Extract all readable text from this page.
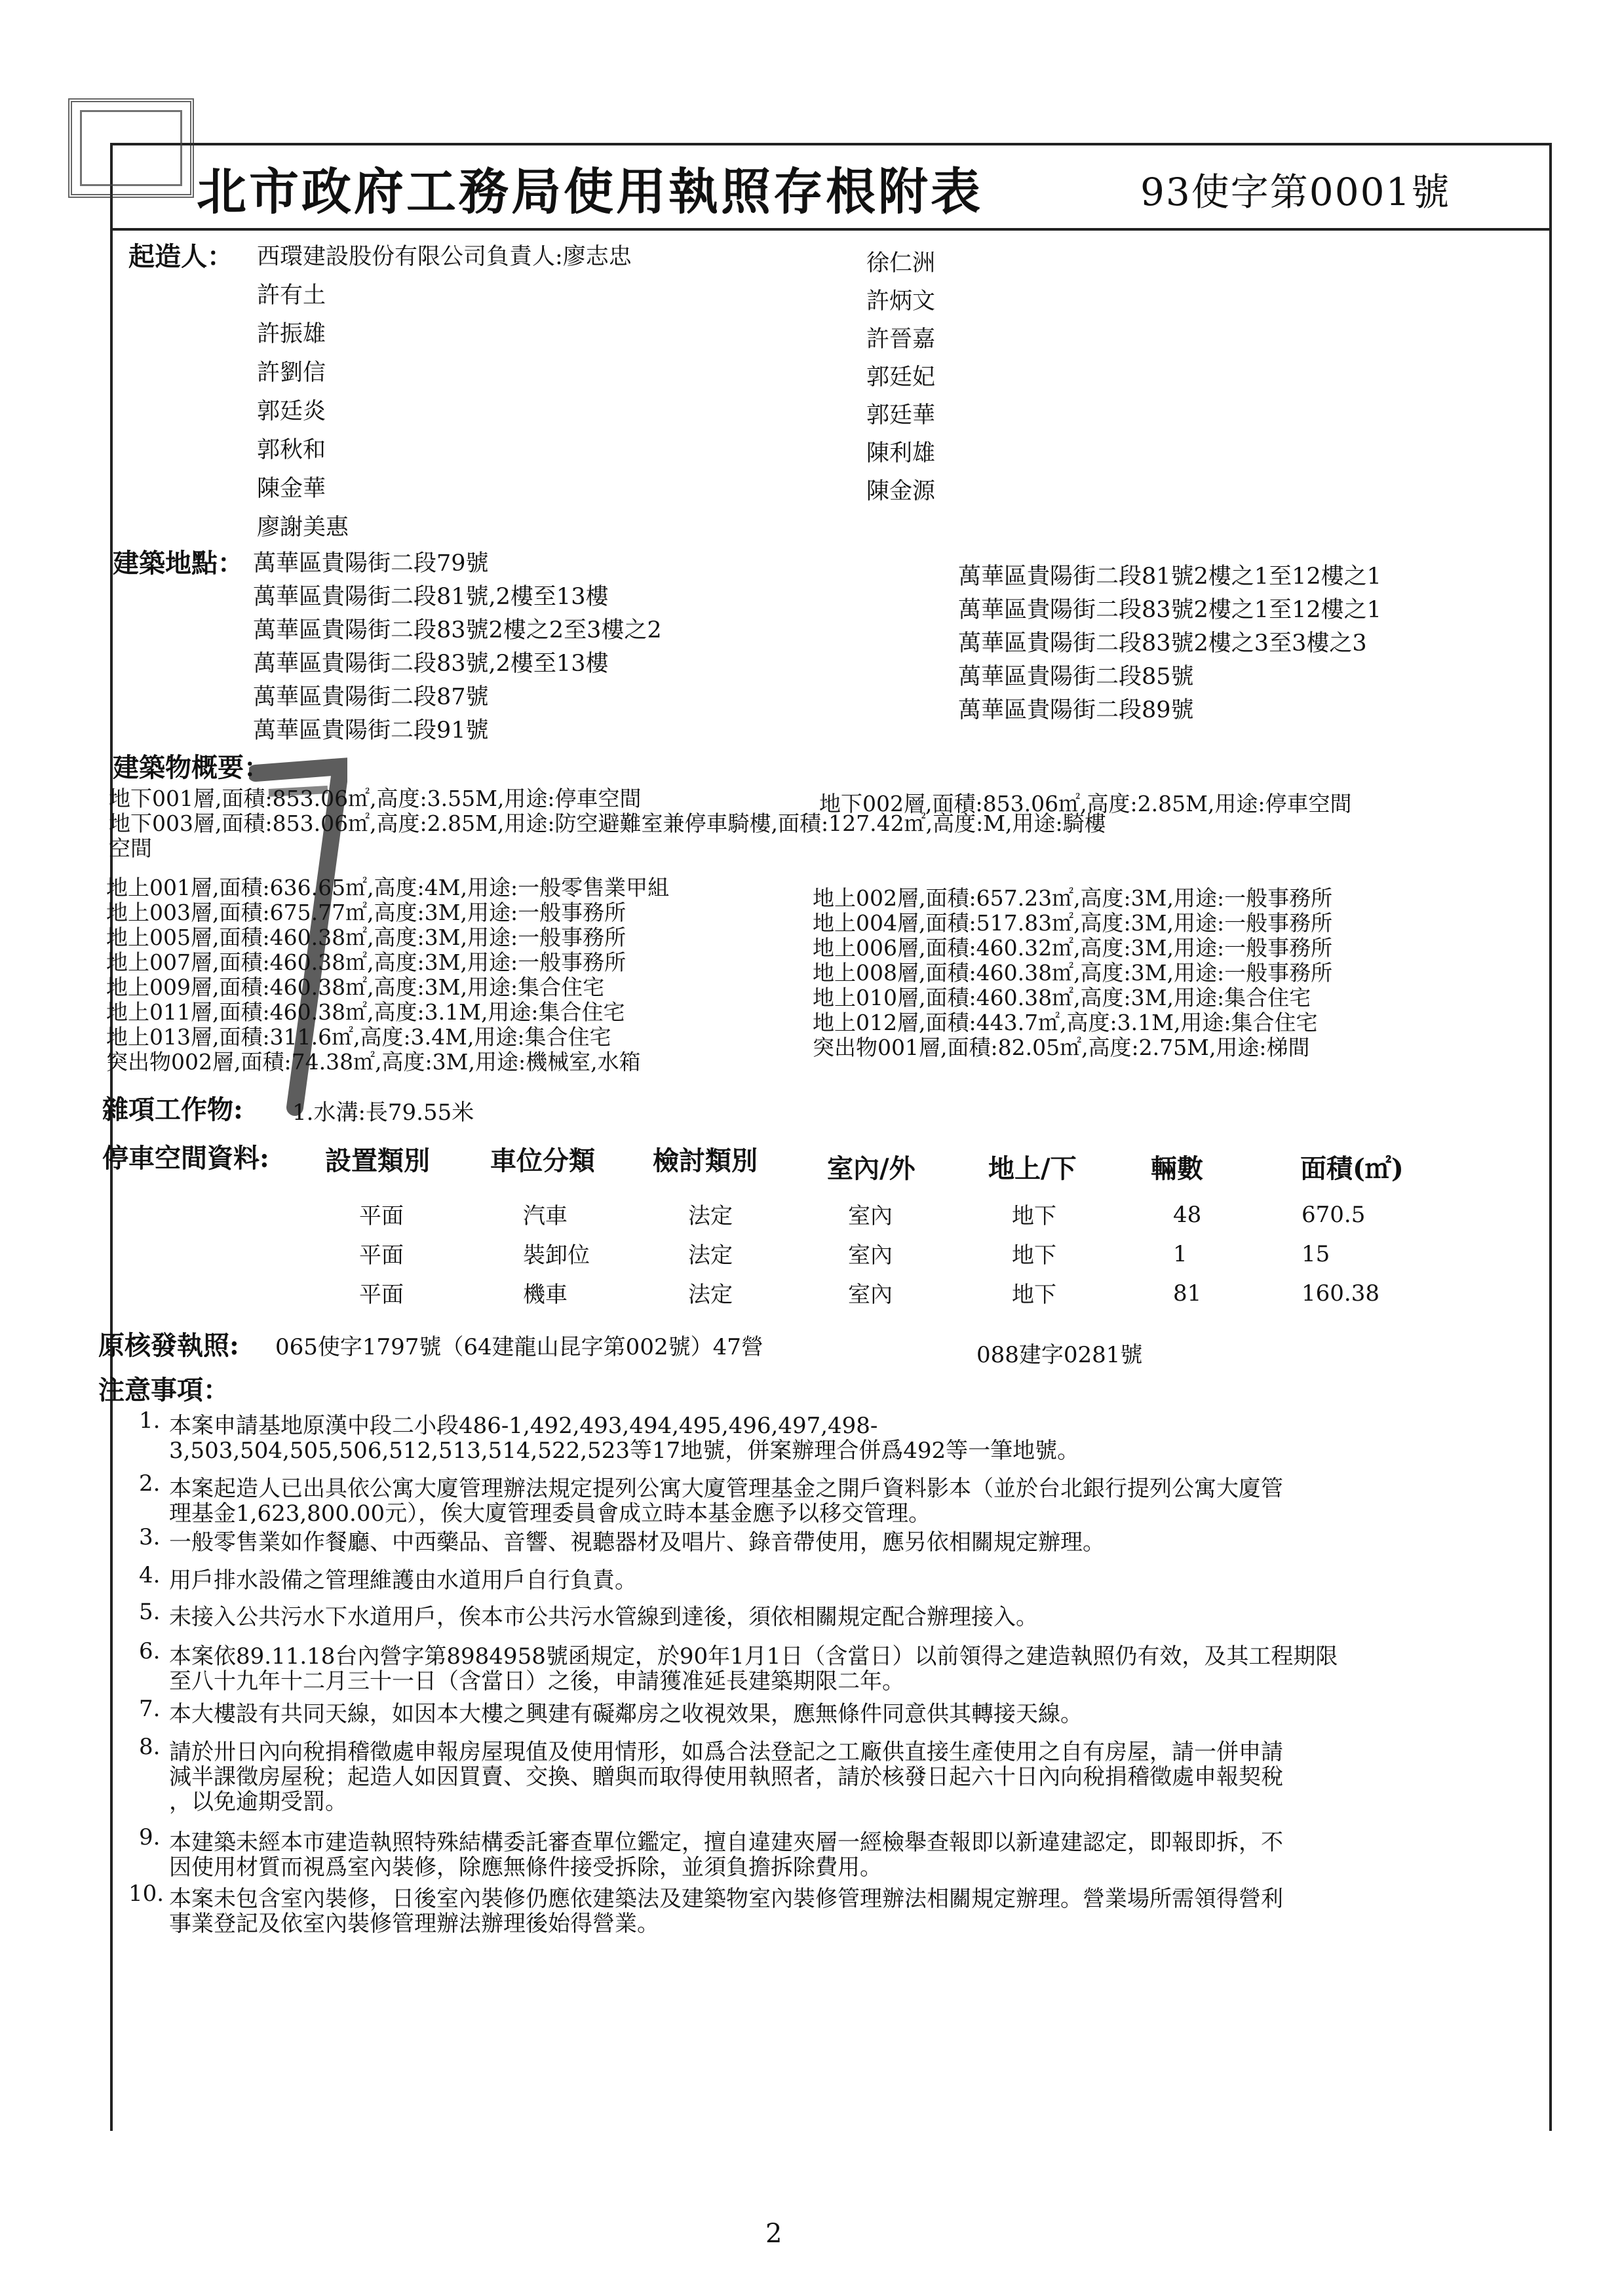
北市政府工務局使用執照存根附表	93使字第0001號
起造人： 西環建設股份有限公司負責人:廖志忠
許有土
許振雄
許劉信
郭廷炎
郭秋和
陳金華
廖謝美惠
徐仁洲
許炳文
許晉嘉
郭廷妃
郭廷華
陳利雄
陳金源
建築地點： 萬華區貴陽街二段79號
萬華區貴陽街二段81號,2樓至13樓
萬華區貴陽街二段83號2樓之2至3樓之2
萬華區貴陽街二段83號,2樓至13樓
萬華區貴陽街二段87號
萬華區貴陽街二段91號
萬華區貴陽街二段81號2樓之1至12樓之1
萬華區貴陽街二段83號2樓之1至12樓之1
萬華區貴陽街二段83號2樓之3至3樓之3
萬華區貴陽街二段85號
萬華區貴陽街二段89號
建築物概要：
地下001層,面積:853.06㎡,高度:3.55M,用途:停車空間	地下002層,面積:853.06㎡,高度:2.85M,用途:停車空間
地下003層,面積:853.06㎡,高度:2.85M,用途:防空避難室兼停車騎樓,面積:127.42㎡,高度:M,用途:騎樓
空間
地上001層,面積:636.65㎡,高度:4M,用途:一般零售業甲組
地上003層,面積:675.77㎡,高度:3M,用途:一般事務所
地上005層,面積:460.38㎡,高度:3M,用途:一般事務所
地上007層,面積:460.38㎡,高度:3M,用途:一般事務所
地上009層,面積:460.38㎡,高度:3M,用途:集合住宅
地上011層,面積:460.38㎡,高度:3.1M,用途:集合住宅
地上013層,面積:311.6㎡,高度:3.4M,用途:集合住宅
突出物002層,面積:74.38㎡,高度:3M,用途:機械室,水箱
地上002層,面積:657.23㎡,高度:3M,用途:一般事務所
地上004層,面積:517.83㎡,高度:3M,用途:一般事務所
地上006層,面積:460.32㎡,高度:3M,用途:一般事務所
地上008層,面積:460.38㎡,高度:3M,用途:一般事務所
地上010層,面積:460.38㎡,高度:3M,用途:集合住宅
地上012層,面積:443.7㎡,高度:3.1M,用途:集合住宅
突出物001層,面積:82.05㎡,高度:2.75M,用途:梯間
雜項工作物: 1.水溝:長79.55米
停車空間資料: 設置類別 車位分類 檢討類別	室內/外	地上/下	輛數	面積(㎡)
平面	汽車	法定	室內	地下	48	670.5
平面	裝卸位	法定	室內	地下	1	15
平面	機車	法定	室內	地下	81	160.38
原核發執照: 065使字1797號（64建龍山昆字第002號）47營	088建字0281號
注意事項：
1. 本案申請基地原漢中段二小段486-1,492,493,494,495,496,497,498-
3,503,504,505,506,512,513,514,522,523等17地號，併案辦理合併爲492等一筆地號。
2. 本案起造人已出具依公寓大廈管理辦法規定提列公寓大廈管理基金之開戶資料影本（並於台北銀行提列公寓大廈管
理基金1,623,800.00元），俟大廈管理委員會成立時本基金應予以移交管理。
3. 一般零售業如作餐廳、中西藥品、音響、視聽器材及唱片、錄音帶使用，應另依相關規定辦理。
4. 用戶排水設備之管理維護由水道用戶自行負責。
5. 未接入公共污水下水道用戶，俟本市公共污水管線到達後，須依相關規定配合辦理接入。
6. 本案依89.11.18台內營字第8984958號函規定，於90年1月1日（含當日）以前領得之建造執照仍有效，及其工程期限
至八十九年十二月三十一日（含當日）之後，申請獲准延長建築期限二年。
7. 本大樓設有共同天線，如因本大樓之興建有礙鄰房之收視效果，應無條件同意供其轉接天線。
8. 請於卅日內向稅捐稽徵處申報房屋現值及使用情形，如爲合法登記之工廠供直接生產使用之自有房屋，請一併申請
減半課徵房屋稅；起造人如因買賣、交換、贈與而取得使用執照者，請於核發日起六十日內向稅捐稽徵處申報契稅
，以免逾期受罰。
9. 本建築未經本市建造執照特殊結構委託審查單位鑑定，擅自違建夾層一經檢舉查報即以新違建認定，即報即拆，不
因使用材質而視爲室內裝修，除應無條件接受拆除，並須負擔拆除費用。
10. 本案未包含室內裝修，日後室內裝修仍應依建築法及建築物室內裝修管理辦法相關規定辦理。營業場所需領得營利
事業登記及依室內裝修管理辦法辦理後始得營業。
2
